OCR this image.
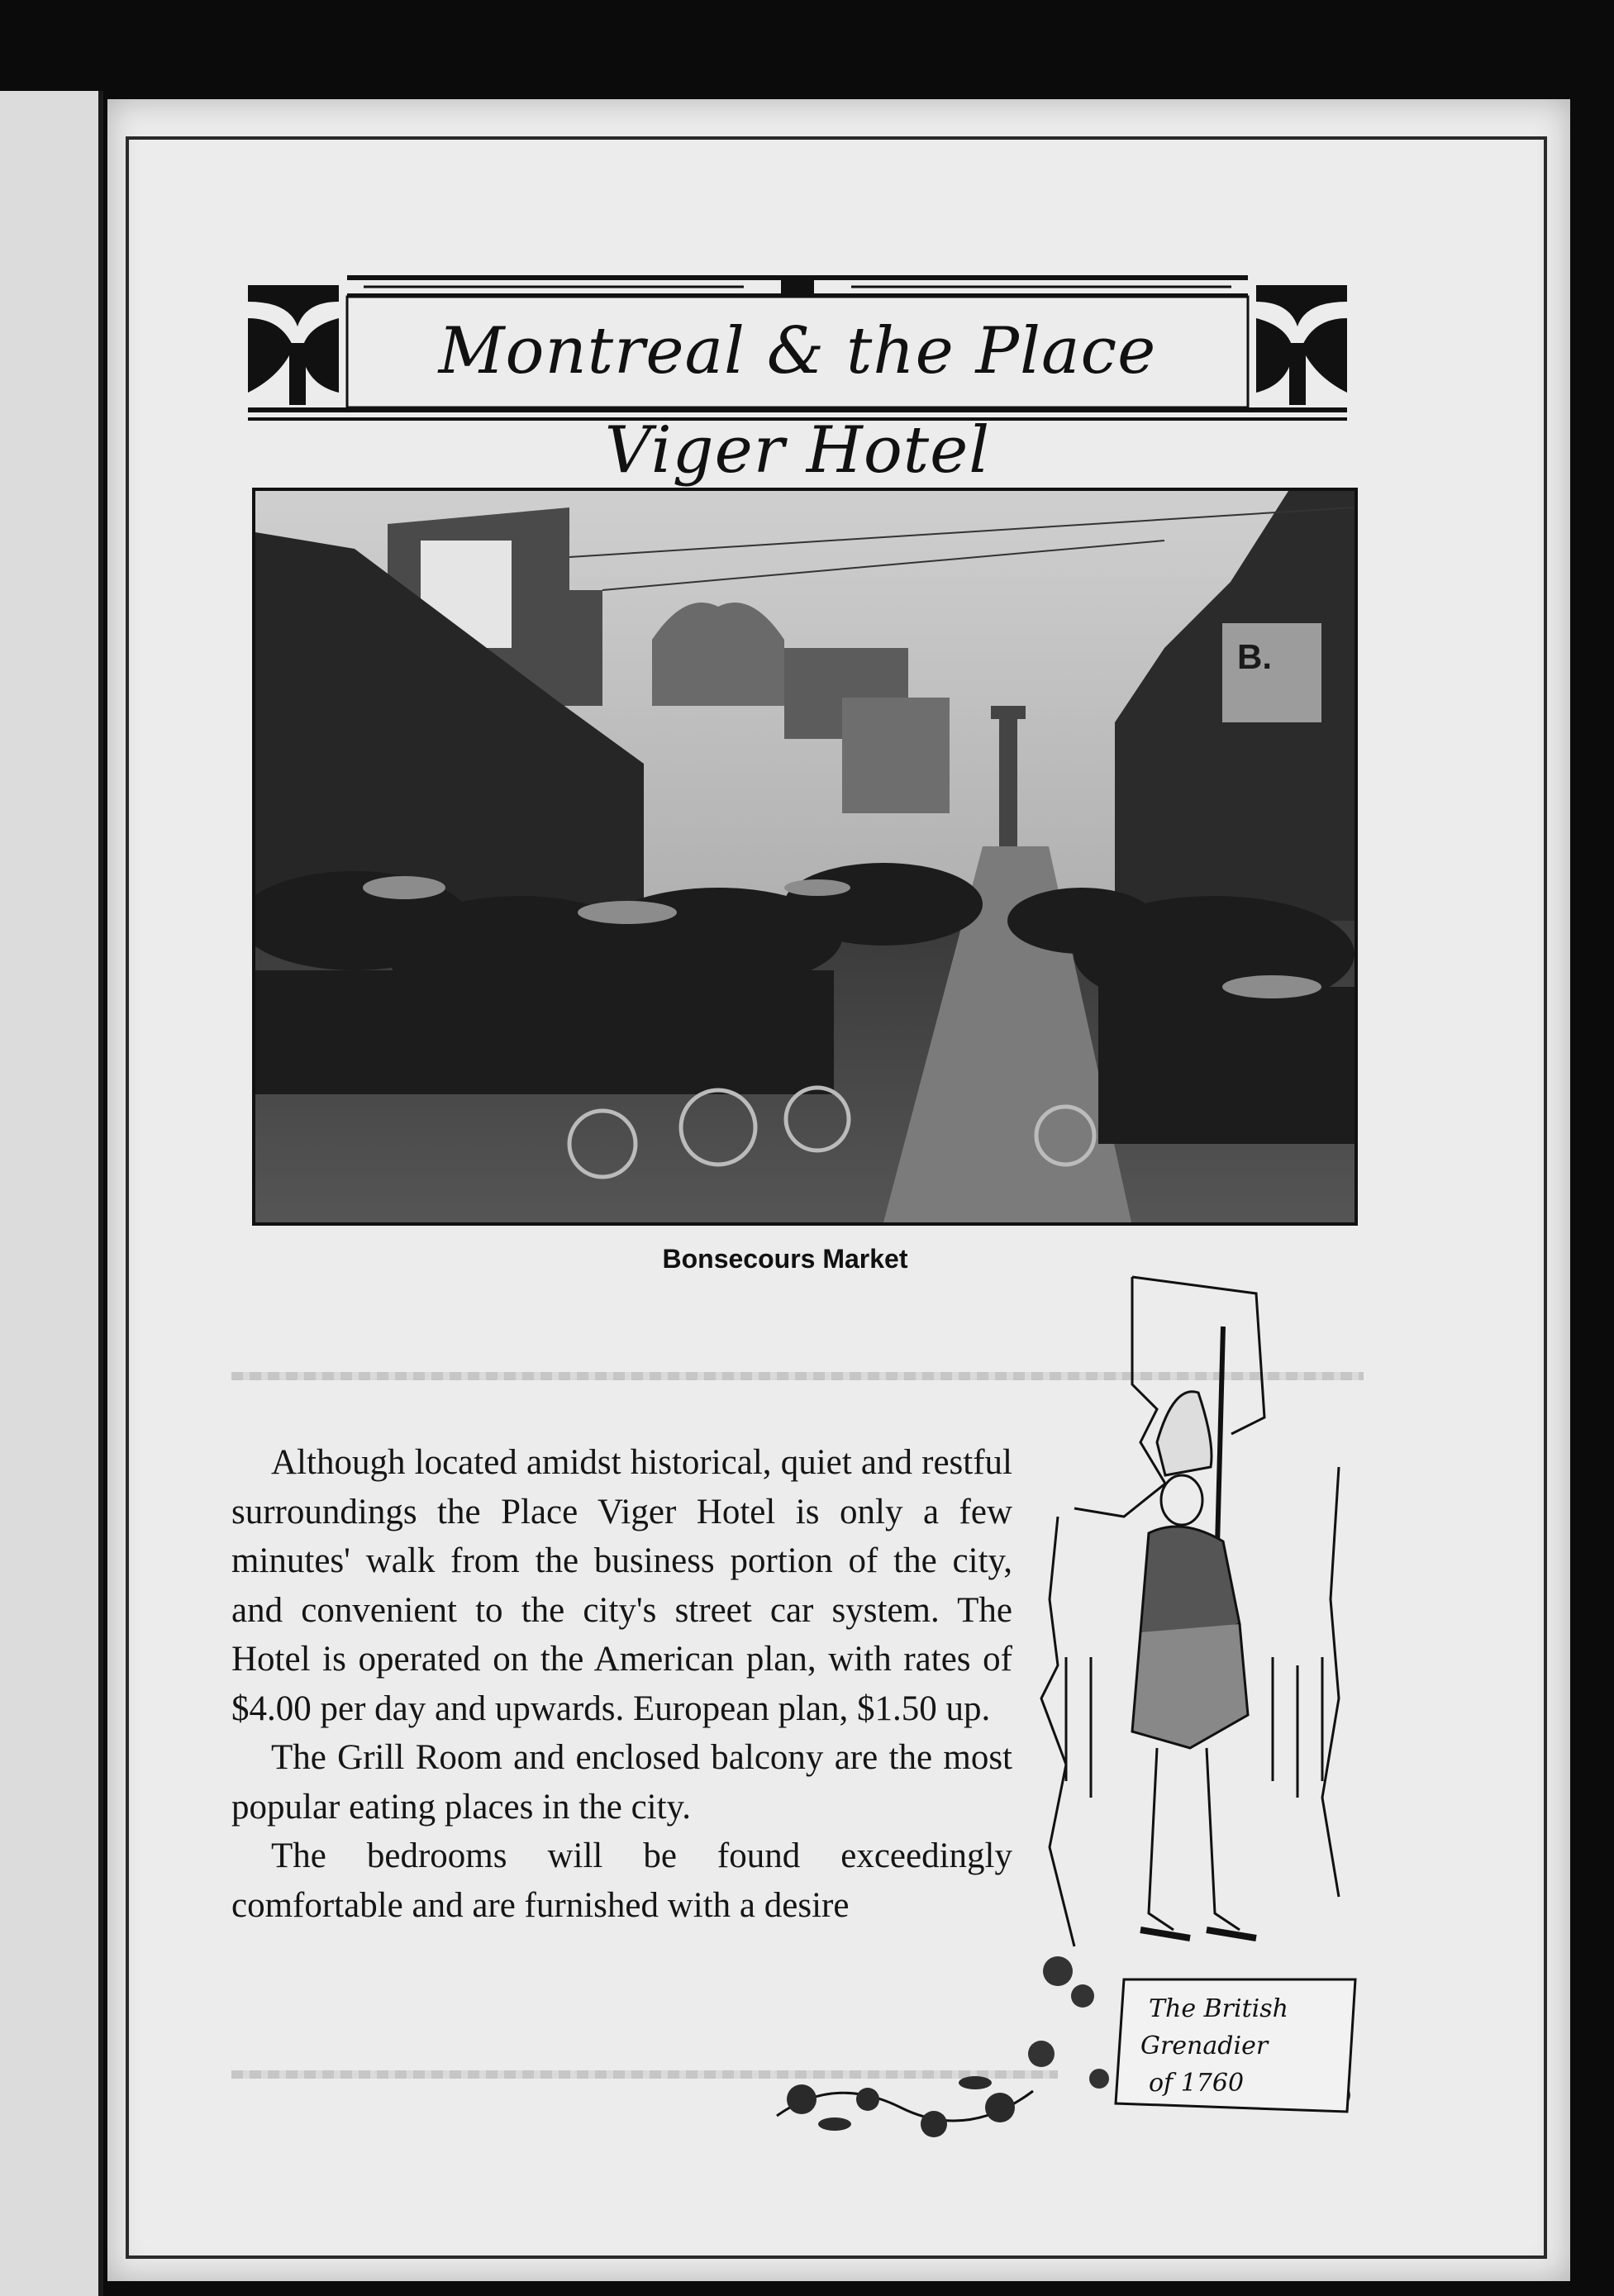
Montreal & the Place Viger Hotel
B.
Bonsecours Market

Although located amidst historical, quiet and restful surroundings the Place Viger Hotel is only a few minutes' walk from the business portion of the city, and convenient to the city's street car system. The Hotel is operated on the American plan, with rates of $4.00 per day and upwards. European plan, $1.50 up.

The Grill Room and enclosed balcony are the most popular eating places in the city.

The bedrooms will be found exceedingly comfortable and are furnished with a desire

The British
Grenadier
of 1760
